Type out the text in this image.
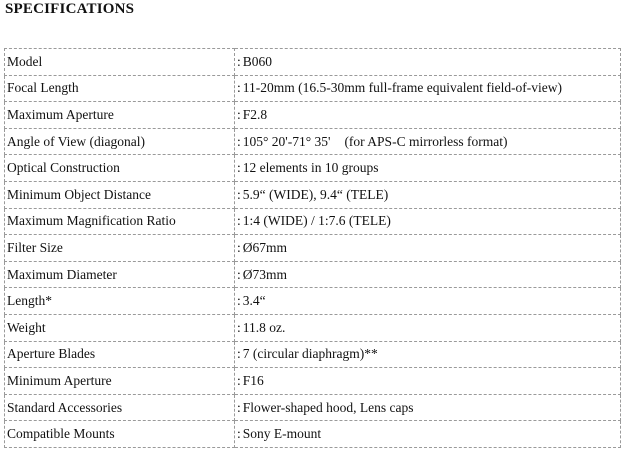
SPECIFICATIONS
Model	: B060
Focal Length	: 11-20mm (16.5-30mm full-frame equivalent field-of-view)
Maximum Aperture	: F2.8
Angle of View (diagonal)	: 105° 20'-71° 35' (for APS-C mirrorless format)
Optical Construction	: 12 elements in 10 groups
Minimum Object Distance	: 5.9“ (WIDE), 9.4“ (TELE)
Maximum Magnification Ratio	: 1:4 (WIDE) / 1:7.6 (TELE)
Filter Size	: Ø67mm
Maximum Diameter	: Ø73mm
Length*	: 3.4“
Weight	: 11.8 oz.
Aperture Blades	: 7 (circular diaphragm)**
Minimum Aperture	: F16
Standard Accessories	: Flower-shaped hood, Lens caps
Compatible Mounts	: Sony E-mount
